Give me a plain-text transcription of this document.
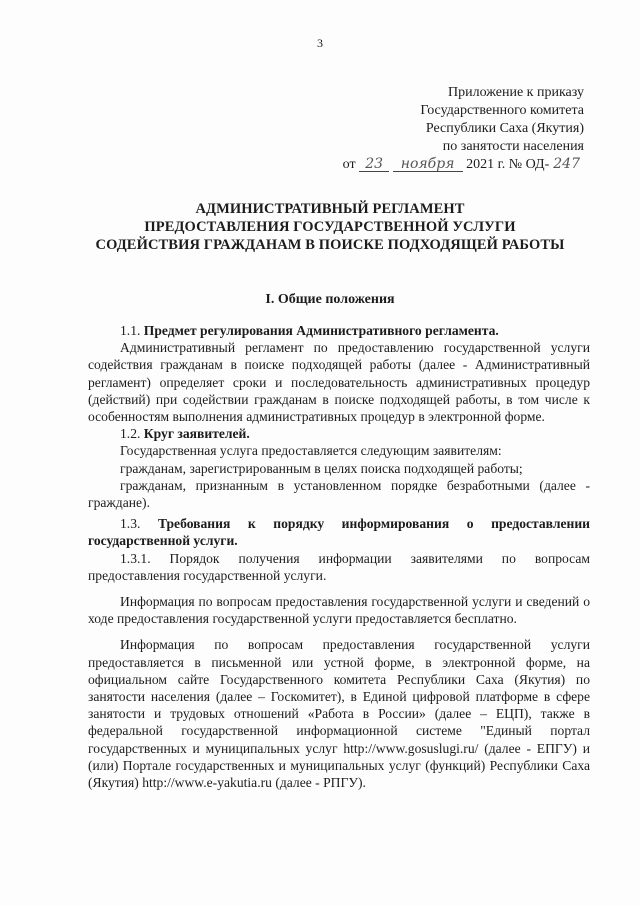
3
Приложение к приказу
Государственного комитета
Республики Саха (Якутия)
по занятости населения
от 23 ноября 2021 г. № ОД- 247
АДМИНИСТРАТИВНЫЙ РЕГЛАМЕНТ
ПРЕДОСТАВЛЕНИЯ ГОСУДАРСТВЕННОЙ УСЛУГИ
СОДЕЙСТВИЯ ГРАЖДАНАМ В ПОИСКЕ ПОДХОДЯЩЕЙ РАБОТЫ
I. Общие положения

1.1. Предмет регулирования Административного регламента.

Административный регламент по предоставлению государственной услуги содействия гражданам в поиске подходящей работы (далее - Административный регламент) определяет сроки и последовательность административных процедур (действий) при содействии гражданам в поиске подходящей работы, в том числе к особенностям выполнения административных процедур в электронной форме.

1.2. Круг заявителей.

Государственная услуга предоставляется следующим заявителям:

гражданам, зарегистрированным в целях поиска подходящей работы;

гражданам, признанным в установленном порядке безработными (далее - граждане).

1.3. Требования к порядку информирования о предоставлении государственной услуги.

1.3.1. Порядок получения информации заявителями по вопросам предоставления государственной услуги.

Информация по вопросам предоставления государственной услуги и сведений о ходе предоставления государственной услуги предоставляется бесплатно.

Информация по вопросам предоставления государственной услуги предоставляется в письменной или устной форме, в электронной форме, на официальном сайте Государственного комитета Республики Саха (Якутия) по занятости населения (далее – Госкомитет), в Единой цифровой платформе в сфере занятости и трудовых отношений «Работа в России» (далее – ЕЦП), также в федеральной государственной информационной системе "Единый портал государственных и муниципальных услуг http://www.gosuslugi.ru/ (далее - ЕПГУ) и (или) Портале государственных и муниципальных услуг (функций) Республики Саха (Якутия) http://www.e-yakutia.ru (далее - РПГУ).
